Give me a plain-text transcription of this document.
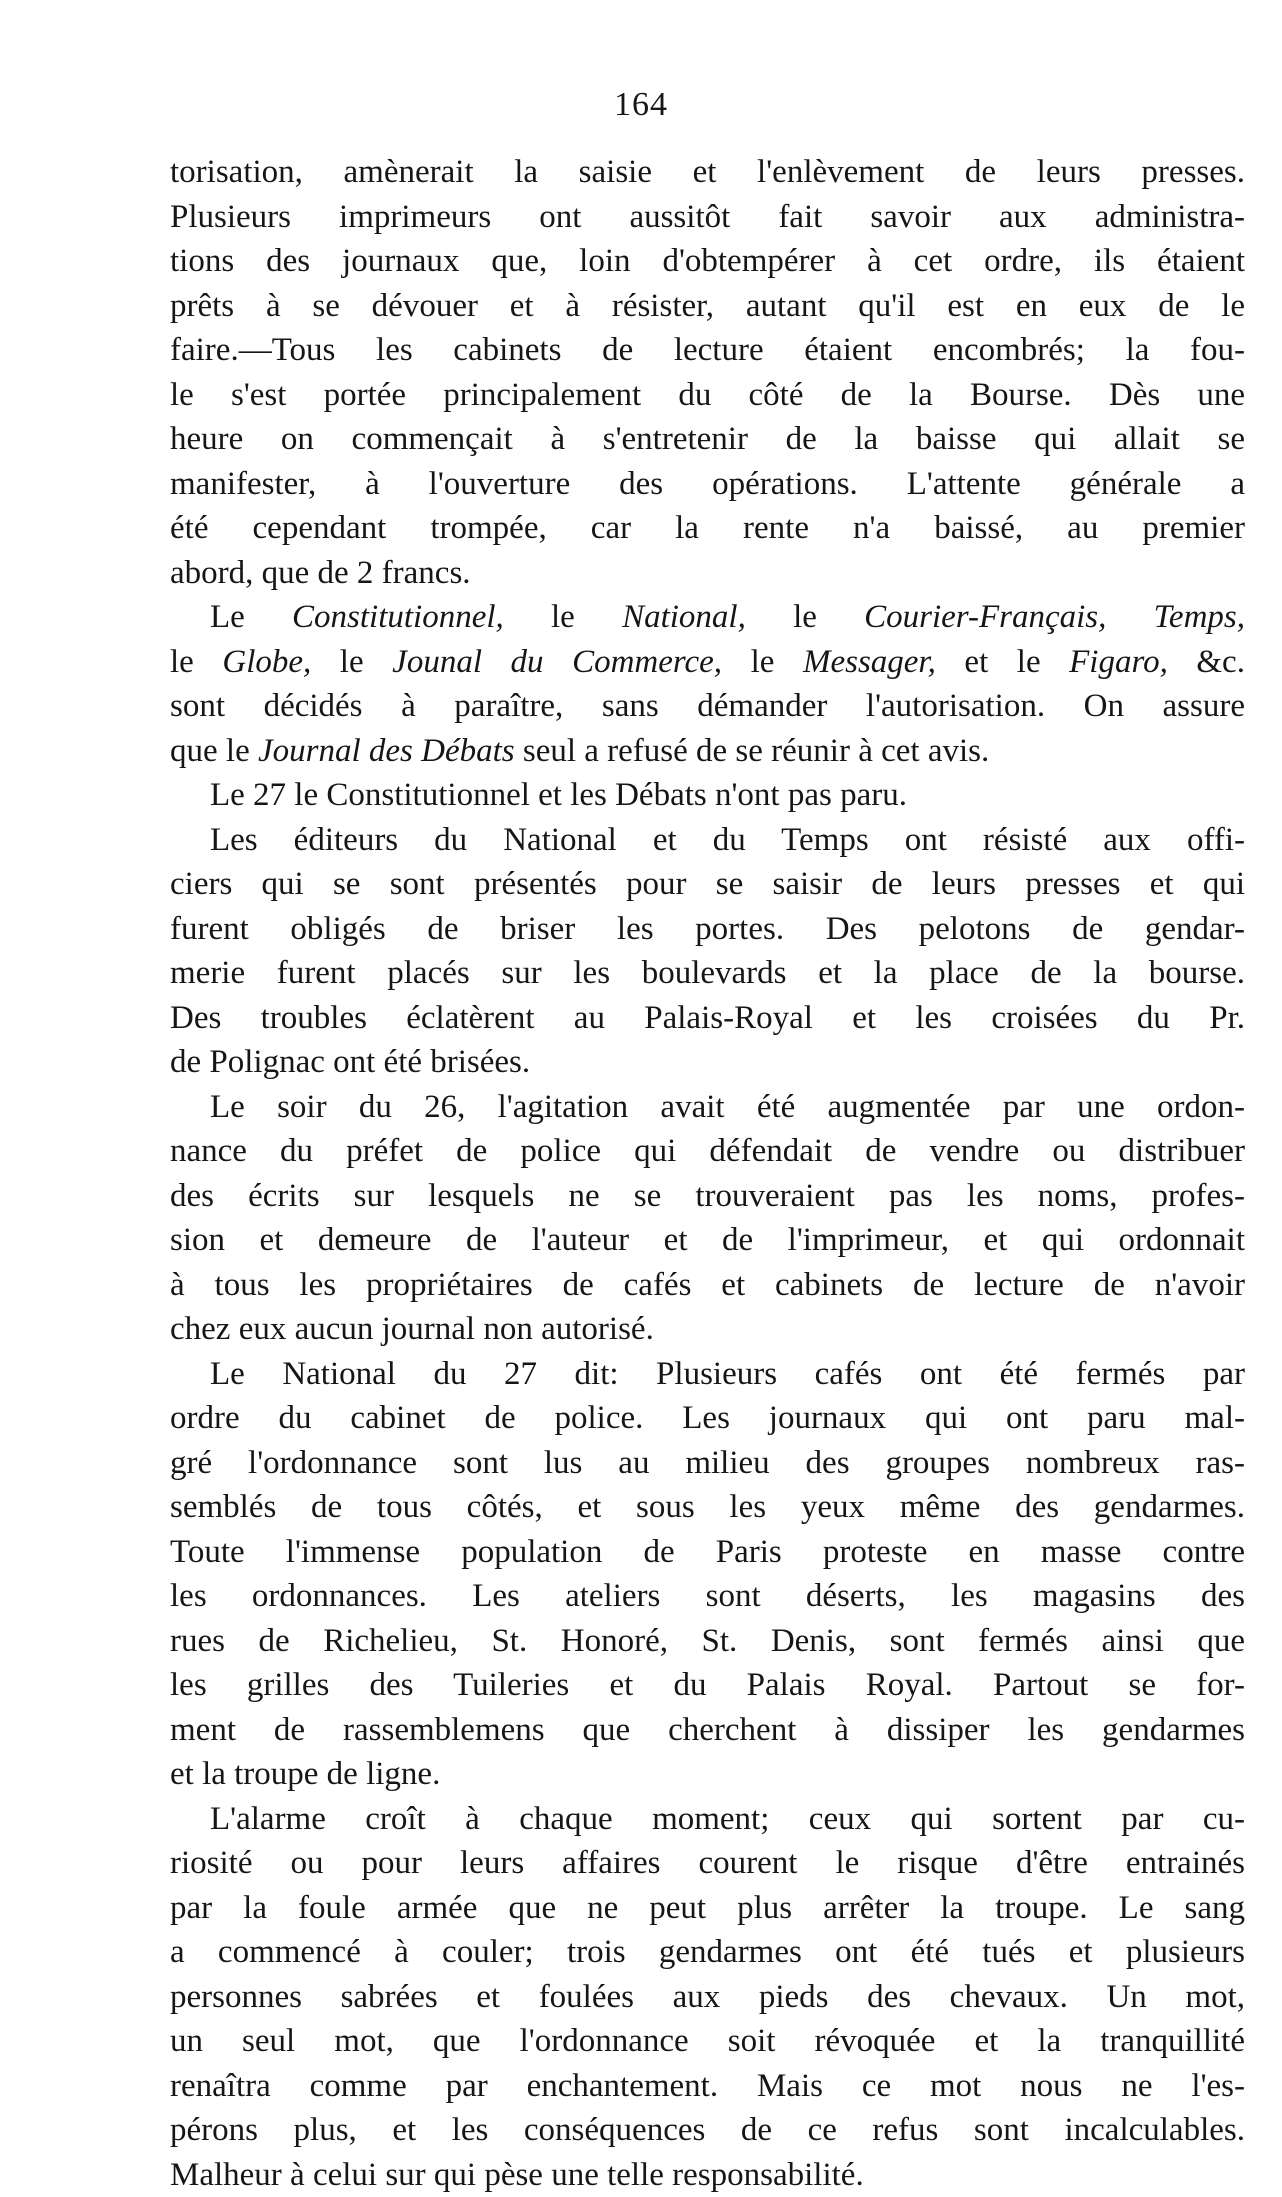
164
torisation, amènerait la saisie et l'enlèvement de leurs presses.
Plusieurs imprimeurs ont aussitôt fait savoir aux administra-
tions des journaux que, loin d'obtempérer à cet ordre, ils étaient
prêts à se dévouer et à résister, autant qu'il est en eux de le
faire.—Tous les cabinets de lecture étaient encombrés; la fou-
le s'est portée principalement du côté de la Bourse. Dès une
heure on commençait à s'entretenir de la baisse qui allait se
manifester, à l'ouverture des opérations. L'attente générale a
été cependant trompée, car la rente n'a baissé, au premier
abord, que de 2 francs.
Le Constitutionnel, le National, le Courier-Français, Temps,
le Globe, le Jounal du Commerce, le Messager, et le Figaro, &c.
sont décidés à paraître, sans démander l'autorisation. On assure
que le Journal des Débats seul a refusé de se réunir à cet avis.
Le 27 le Constitutionnel et les Débats n'ont pas paru.
Les éditeurs du National et du Temps ont résisté aux offi-
ciers qui se sont présentés pour se saisir de leurs presses et qui
furent obligés de briser les portes. Des pelotons de gendar-
merie furent placés sur les boulevards et la place de la bourse.
Des troubles éclatèrent au Palais-Royal et les croisées du Pr.
de Polignac ont été brisées.
Le soir du 26, l'agitation avait été augmentée par une ordon-
nance du préfet de police qui défendait de vendre ou distribuer
des écrits sur lesquels ne se trouveraient pas les noms, profes-
sion et demeure de l'auteur et de l'imprimeur, et qui ordonnait
à tous les propriétaires de cafés et cabinets de lecture de n'avoir
chez eux aucun journal non autorisé.
Le National du 27 dit: Plusieurs cafés ont été fermés par
ordre du cabinet de police. Les journaux qui ont paru mal-
gré l'ordonnance sont lus au milieu des groupes nombreux ras-
semblés de tous côtés, et sous les yeux même des gendarmes.
Toute l'immense population de Paris proteste en masse contre
les ordonnances. Les ateliers sont déserts, les magasins des
rues de Richelieu, St. Honoré, St. Denis, sont fermés ainsi que
les grilles des Tuileries et du Palais Royal. Partout se for-
ment de rassemblemens que cherchent à dissiper les gendarmes
et la troupe de ligne.
L'alarme croît à chaque moment; ceux qui sortent par cu-
riosité ou pour leurs affaires courent le risque d'être entrainés
par la foule armée que ne peut plus arrêter la troupe. Le sang
a commencé à couler; trois gendarmes ont été tués et plusieurs
personnes sabrées et foulées aux pieds des chevaux. Un mot,
un seul mot, que l'ordonnance soit révoquée et la tranquillité
renaîtra comme par enchantement. Mais ce mot nous ne l'es-
pérons plus, et les conséquences de ce refus sont incalculables.
Malheur à celui sur qui pèse une telle responsabilité.
